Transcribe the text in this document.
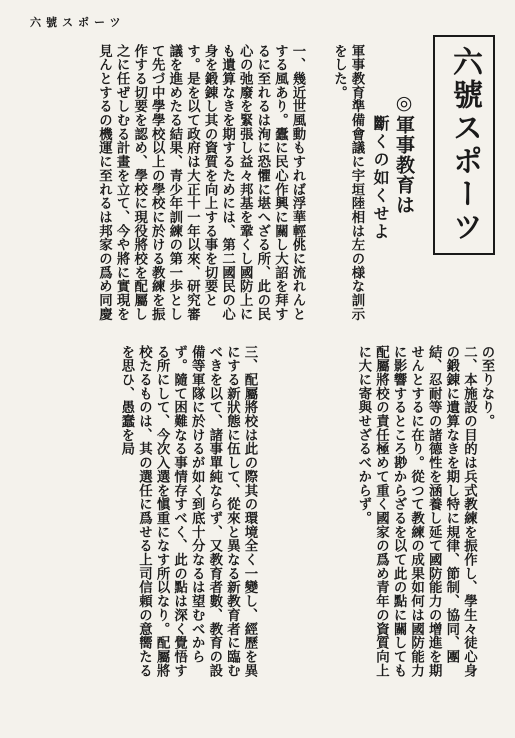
六號スポーツ
六號スポーツ
◎軍事教育は
斷くの如くせよ

軍事教育準備會議に宇垣陸相は左の様な訓示をした。

一、幾近世風動もすれば浮華輕佻に流れんとする風あり。蠹に民心作興に關し大詔を拜するに至れるは洵に恐懼に堪へざる所、此の民心の弛廢を緊張し益々邦基を鞏くし國防上にも遺算なきを期するためには、第二國民の心身を鍛錬し其の資質を向上する事を切要とす。是を以て政府は大正十一年以來、研究審議を進めたる結果、青少年訓練の第一歩として先づ中學學校以上の學校に於ける教練を振作する切要を認め、學校に現役將校を配屬し之に任ぜしむる計畫を立て、今や將に實現を見んとするの機運に至れるは邦家の爲め同慶

の至りなり。

二、本施設の目的は兵式教練を振作し、學生々徒心身の鍛錬に遺算なきを期し特に規律、節制、協同、團結、忍耐等の諸德性を涵養し延て國防能力の增進を期せんとするに在り。從つて教練の成果如何は國防能力に影響するところ尠からざるを以て此の點に關しても配屬將校の責任極めて重く國家の爲め青年の資質向上に大に寄與せざるべからず。

三、配屬將校は此の際其の環境全く一變し、經歷を異にする新狀態に伍して、從來と異なる新教育者に臨むべきを以て、諸事單純ならず、又教育者數、教育の設備等軍隊に於けるが如く到底十分なるは望むべからず。隨て困難なる事情存すべく、此の點は深く覺悟する所にして、今次入選を愼重になす所以なり。配屬將校たるものは、其の選任に爲せる上司信頼の意嚮たるを思ひ、愚蠢を局
